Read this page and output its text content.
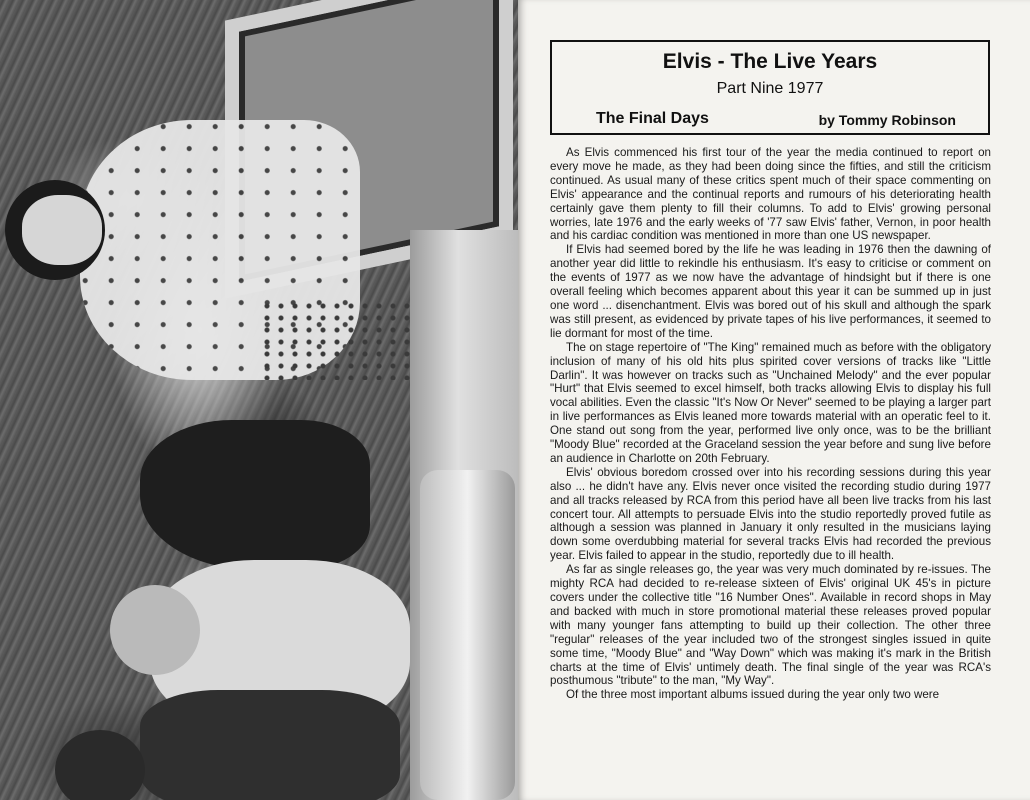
Elvis - The Live Years
Part Nine 1977
The Final Days	by Tommy Robinson

As Elvis commenced his first tour of the year the media continued to report on every move he made, as they had been doing since the fifties, and still the criticism continued. As usual many of these critics spent much of their space commenting on Elvis' appearance and the continual reports and rumours of his deteriorating health certainly gave them plenty to fill their columns. To add to Elvis' growing personal worries, late 1976 and the early weeks of '77 saw Elvis' father, Vernon, in poor health and his cardiac condition was mentioned in more than one US newspaper.

If Elvis had seemed bored by the life he was leading in 1976 then the dawning of another year did little to rekindle his enthusiasm. It's easy to criticise or comment on the events of 1977 as we now have the advantage of hindsight but if there is one overall feeling which becomes apparent about this year it can be summed up in just one word ... disenchantment. Elvis was bored out of his skull and although the spark was still present, as evidenced by private tapes of his live performances, it seemed to lie dormant for most of the time.

The on stage repertoire of "The King" remained much as before with the obligatory inclusion of many of his old hits plus spirited cover versions of tracks like "Little Darlin". It was however on tracks such as "Unchained Melody" and the ever popular "Hurt" that Elvis seemed to excel himself, both tracks allowing Elvis to display his full vocal abilities. Even the classic "It's Now Or Never" seemed to be playing a larger part in live performances as Elvis leaned more towards material with an operatic feel to it. One stand out song from the year, performed live only once, was to be the brilliant "Moody Blue" recorded at the Graceland session the year before and sung live before an audience in Charlotte on 20th February.

Elvis' obvious boredom crossed over into his recording sessions during this year also ... he didn't have any. Elvis never once visited the recording studio during 1977 and all tracks released by RCA from this period have all been live tracks from his last concert tour. All attempts to persuade Elvis into the studio reportedly proved futile as although a session was planned in January it only resulted in the musicians laying down some overdubbing material for several tracks Elvis had recorded the previous year. Elvis failed to appear in the studio, reportedly due to ill health.

As far as single releases go, the year was very much dominated by re-issues. The mighty RCA had decided to re-release sixteen of Elvis' original UK 45's in picture covers under the collective title "16 Number Ones". Available in record shops in May and backed with much in store promotional material these releases proved popular with many younger fans attempting to build up their collection. The other three "regular" releases of the year included two of the strongest singles issued in quite some time, "Moody Blue" and "Way Down" which was making it's mark in the British charts at the time of Elvis' untimely death. The final single of the year was RCA's posthumous "tribute" to the man, "My Way".

Of the three most important albums issued during the year only two were
